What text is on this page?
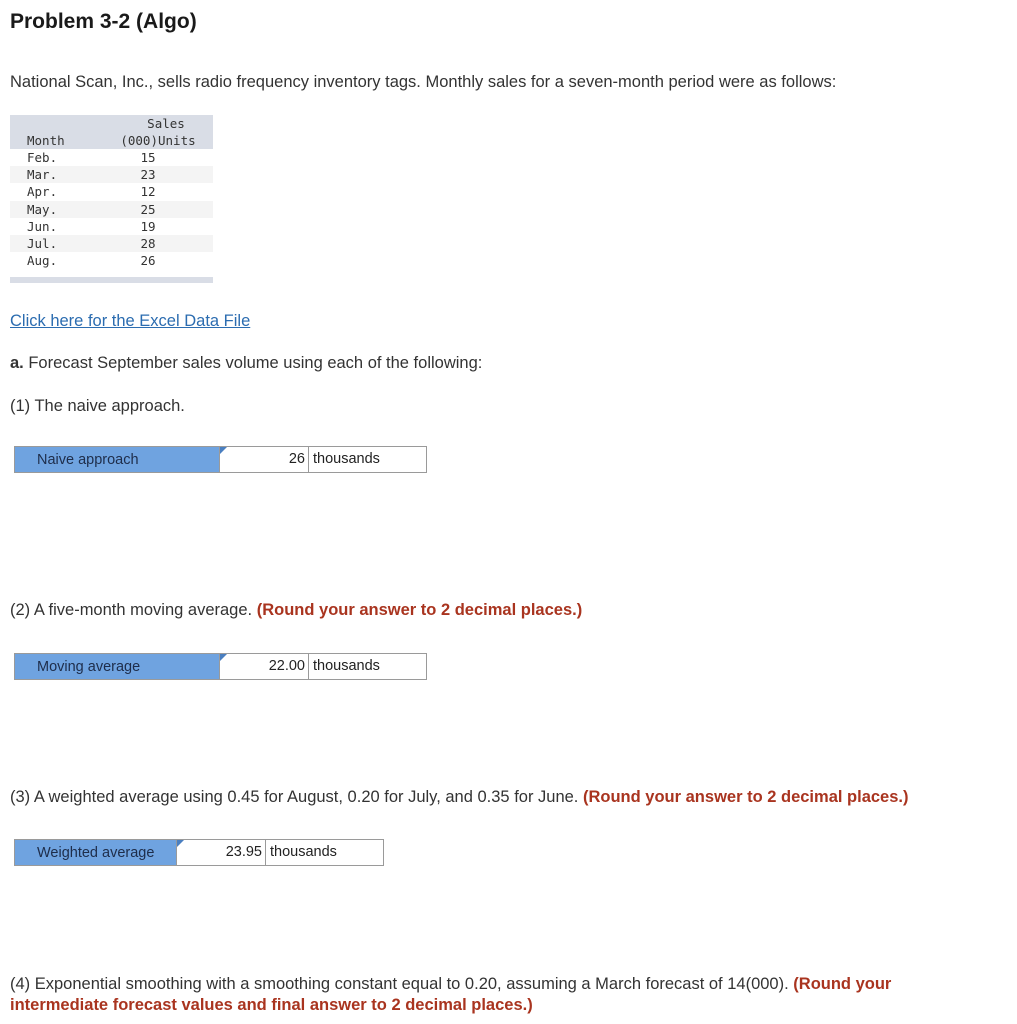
Problem 3-2 (Algo)
National Scan, Inc., sells radio frequency inventory tags. Monthly sales for a seven-month period were as follows:
Sales
Month	(000)Units
Feb.	15
Mar.	23
Apr.	12
May.	25
Jun.	19
Jul.	28
Aug.	26
Click here for the Excel Data File
a. Forecast September sales volume using each of the following:
(1) The naive approach.
Naive approach	26 thousands
(2) A five-month moving average. (Round your answer to 2 decimal places.)
Moving average	22.00 thousands
(3) A weighted average using 0.45 for August, 0.20 for July, and 0.35 for June. (Round your answer to 2 decimal places.)
Weighted average	23.95 thousands
(4) Exponential smoothing with a smoothing constant equal to 0.20, assuming a March forecast of 14(000). (Round your
intermediate forecast values and final answer to 2 decimal places.)
